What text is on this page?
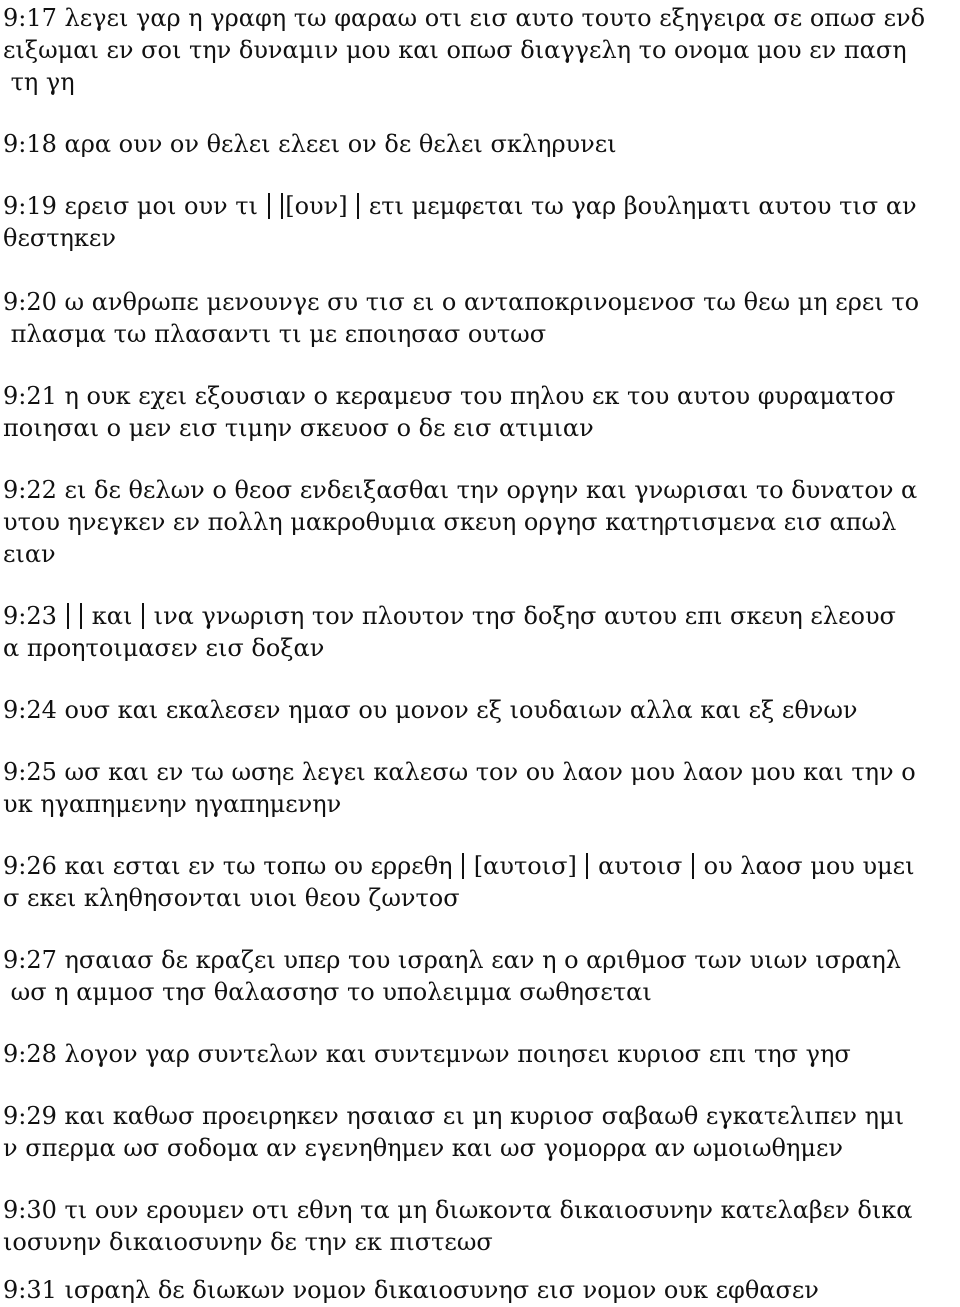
9:17 λεγει γαρ η γραφη τω φαραω οτι εισ αυτο τουτο εξηγειρα σε οπωσ ενδ
ειξωμαι εν σοι την δυναμιν μου και οπωσ διαγγελη το ονομα μου εν παση
τη γη
9:18 αρα ουν ον θελει ελεει ον δε θελει σκληρυνει
9:19 ερεισ μοι ουν τι  [ουν]  ετι μεμφεται τω γαρ βουληματι αυτου τισ αν
θεστηκεν
9:20 ω ανθρωπε μενουνγε συ τισ ει ο ανταποκρινομενοσ τω θεω μη ερει το
πλασμα τω πλασαντι τι με εποιησασ ουτωσ
9:21 η ουκ εχει εξουσιαν ο κεραμευσ του πηλου εκ του αυτου φυραματοσ
ποιησαι ο μεν εισ τιμην σκευοσ ο δε εισ ατιμιαν
9:22 ει δε θελων ο θεοσ ενδειξασθαι την οργην και γνωρισαι το δυνατον α
υτου ηνεγκεν εν πολλη μακροθυμια σκευη οργησ κατηρτισμενα εισ απωλ
ειαν
9:23   και  ινα γνωριση τον πλουτον τησ δοξησ αυτου επι σκευη ελεουσ
α προητοιμασεν εισ δοξαν
9:24 ουσ και εκαλεσεν ημασ ου μονον εξ ιουδαιων αλλα και εξ εθνων
9:25 ωσ και εν τω ωσηε λεγει καλεσω τον ου λαον μου λαον μου και την ο
υκ ηγαπημενην ηγαπημενην
9:26 και εσται εν τω τοπω ου ερρεθη  [αυτοισ]  αυτοισ  ου λαοσ μου υμει
σ εκει κληθησονται υιοι θεου ζωντοσ
9:27 ησαιασ δε κραζει υπερ του ισραηλ εαν η ο αριθμοσ των υιων ισραηλ
ωσ η αμμοσ τησ θαλασσησ το υπολειμμα σωθησεται
9:28 λογον γαρ συντελων και συντεμνων ποιησει κυριοσ επι τησ γησ
9:29 και καθωσ προειρηκεν ησαιασ ει μη κυριοσ σαβαωθ εγκατελιπεν ημι
ν σπερμα ωσ σοδομα αν εγενηθημεν και ωσ γομορρα αν ωμοιωθημεν
9:30 τι ουν ερουμεν οτι εθνη τα μη διωκοντα δικαιοσυνην κατελαβεν δικα
ιοσυνην δικαιοσυνην δε την εκ πιστεωσ
9:31 ισραηλ δε διωκων νομον δικαιοσυνησ εισ νομον ουκ εφθασεν
